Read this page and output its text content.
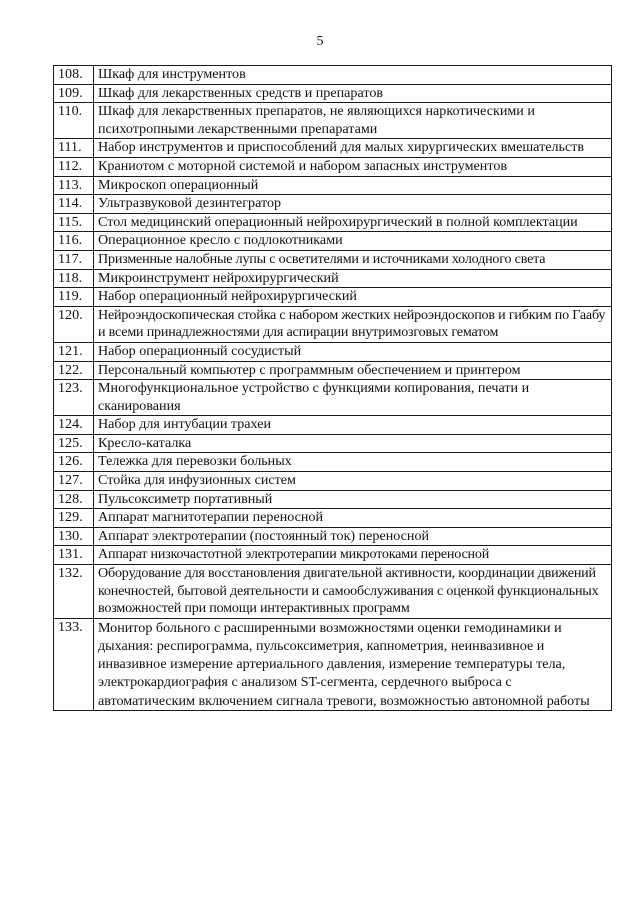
5
108.	Шкаф для инструментов
109.	Шкаф для лекарственных средств и препаратов
110.	Шкаф для лекарственных препаратов, не являющихся наркотическими и психотропными лекарственными препаратами
111.	Набор инструментов и приспособлений для малых хирургических вмешательств
112.	Краниотом с моторной системой и набором запасных инструментов
113.	Микроскоп операционный
114.	Ультразвуковой дезинтегратор
115.	Стол медицинский операционный нейрохирургический в полной комплектации
116.	Операционное кресло с подлокотниками
117.	Призменные налобные лупы с осветителями и источниками холодного света
118.	Микроинструмент нейрохирургический
119.	Набор операционный нейрохирургический
120.	Нейроэндоскопическая стойка с набором жестких нейроэндоскопов и гибким по Гаабу и всеми принадлежностями для аспирации внутримозговых гематом
121.	Набор операционный сосудистый
122.	Персональный компьютер с программным обеспечением и принтером
123.	Многофункциональное устройство с функциями копирования, печати и сканирования
124.	Набор для интубации трахеи
125.	Кресло-каталка
126.	Тележка для перевозки больных
127.	Стойка для инфузионных систем
128.	Пульсоксиметр портативный
129.	Аппарат магнитотерапии переносной
130.	Аппарат электротерапии (постоянный ток) переносной
131.	Аппарат низкочастотной электротерапии микротоками переносной
132.	Оборудование для восстановления двигательной активности, координации движений конечностей, бытовой деятельности и самообслуживания с оценкой функциональных возможностей при помощи интерактивных программ
133.	Монитор больного с расширенными возможностями оценки гемодинамики и дыхания: респирограмма, пульсоксиметрия, капнометрия, неинвазивное и инвазивное измерение артериального давления, измерение температуры тела, электрокардиография с анализом ST-сегмента, сердечного выброса с автоматическим включением сигнала тревоги, возможностью автономной работы
